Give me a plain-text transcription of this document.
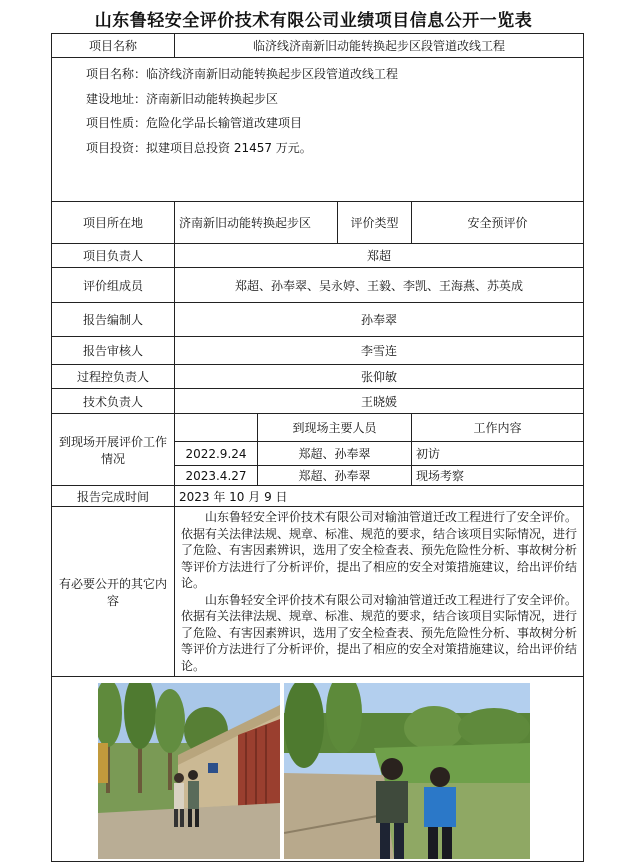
山东鲁轻安全评价技术有限公司业绩项目信息公开一览表
项目名称	临济线济南新旧动能转换起步区段管道改线工程			

项目名称：临济线济南新旧动能转换起步区段管道改线工程
建设地址：济南新旧动能转换起步区
项目性质：危险化学品长输管道改建项目
项目投资：拟建项目总投资 21457 万元。				

项目所在地	济南新旧动能转换起步区		评价类型	安全预评价
项目负责人	郑超			
评价组成员	郑超、孙奉翠、吴永婷、王毅、李凯、王海燕、苏英成			
报告编制人	孙奉翠			
报告审核人	李雪连			
过程控负责人	张仰敏			
技术负责人	王晓媛			
到现场开展评价工作情况		到现场主要人员		工作内容
	2022.9.24	郑超、孙奉翠		初访
	2023.4.27	郑超、孙奉翠		现场考察
报告完成时间	2023 年 10 月 9 日			
有必要公开的其它内容	山东鲁轻安全评价技术有限公司对输油管道迁改工程进行了安全评价。依据有关法律法规、规章、标准、规范的要求，结合该项目实际情况，进行了危险、有害因素辨识，选用了安全检查表、预先危险性分析、事故树分析等评价方法进行了分析评价，提出了相应的安全对策措施建议，给出评价结论。
山东鲁轻安全评价技术有限公司对输油管道迁改工程进行了安全评价。依据有关法律法规、规章、标准、规范的要求，结合该项目实际情况，进行了危险、有害因素辨识，选用了安全检查表、预先危险性分析、事故树分析等评价方法进行了分析评价，提出了相应的安全对策措施建议，给出评价结论。			
